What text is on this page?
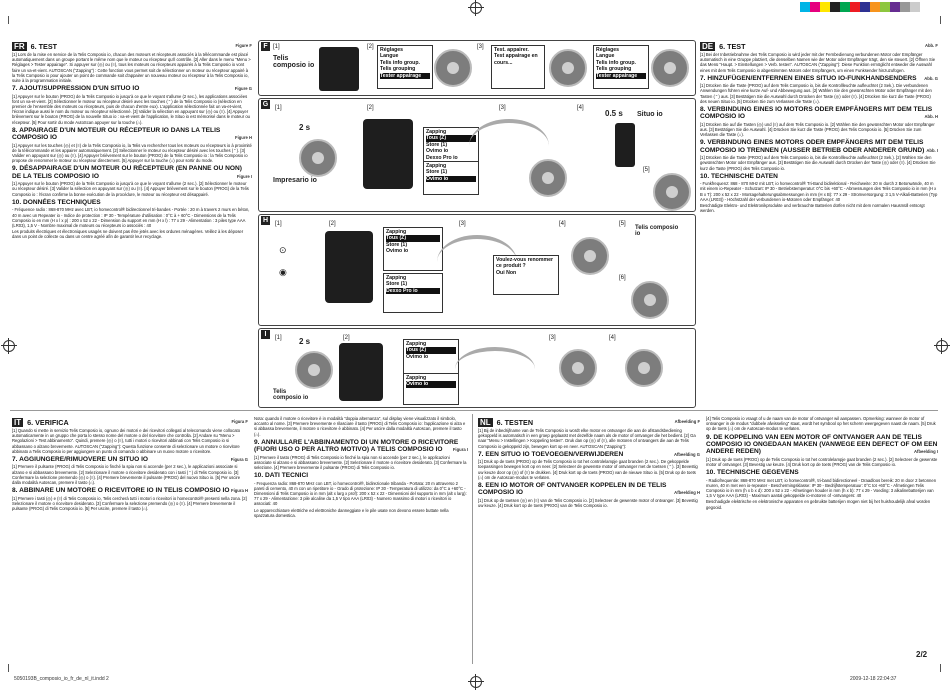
FR 6. TEST	Figure F

[1] Lors de la mise en service de la Telis Composio io, chacun des moteurs et récepteurs associés à la télécommande est placé automatiquement dans un groupe portant le même nom que le moteur ou récepteur qu'il contrôle. [2] Aller dans le menu "Menu > Réglages > Tester appairage". Si appuyer sur (◎) ou (≡), tous les moteurs ou récepteurs appairés à la Telis Composio io vont faire un va-et-vient. AUTOSCAN ("Zapping") : Cette fonction vous permet soit de sélectionner un moteur ou récepteur appairé à la Telis Composio io pour ajouter un point de commande soit d'appairer un nouveau moteur ou récepteur à la Telis Composio io, suite à la programmation initiale.

7. AJOUT/SUPPRESSION D'UN SITUO IO	Figure G

[1] Appuyer sur le bouton (PROG) de la Telis Composio io jusqu'à ce que le voyant s'allume (2 sec.), les applications associées font un va-et-vient. [2] Sélectionner le moteur ou récepteur désiré avec les touches (⌃) de la Telis Composio io (sélection en premier de l'ensemble des moteurs ou récepteurs, puis de chacun d'entre eux). L'application sélectionnée fait un va-et-vient, l'écran indique aussi le nom du moteur ou récepteur sélectionné. [3] Valider la sélection en appuyant sur (◎) ou (≡). [4] Appuyer brièvement sur le bouton (PROG) de la nouvelle Situo io : va-et-vient de l'application, le Situo io est mémorisé dans le moteur ou récepteur. [5] Pour sortir du mode AutoScan appuyer sur la touche (⌂).

8. APPAIRAGE D'UN MOTEUR OU RÉCEPTEUR IO DANS LA TELIS COMPOSIO IO	Figure H

[1] Appuyer sur les touches (◎) et (≡) de la Telis Composio io, la Telis va rechercher tous les moteurs ou récepteurs io à proximité de la télécommande et les appairer automatiquement. [2] Sélectionner le moteur ou récepteur désiré avec les touches (⌃). [3] Valider en appuyant sur (◎) ou (≡). [4] Appuyer brièvement sur le bouton (PROG) de la Telis Composio io : la Telis Composio io propose de renommer le moteur ou récepteur directement. [5] Appuyer sur la touche (⌂) pour sortir du mode.

9. DÉSAPPAIRAGE D'UN MOTEUR OU RÉCEPTEUR (EN PANNE OU NON) DE LA TELIS COMPOSIO IO	Figure I

[1] Appuyer sur le bouton (PROG) de la Telis Composio io jusqu'à ce que le voyant s'allume (2 sec.). [2] Sélectionner le moteur ou récepteur désiré. [3] Valider la sélection en appuyant sur (◎) ou (≡). [4] Appuyer brièvement sur le bouton (PROG) de la Telis Composio io : l'écran confirme la bonne exécution de la procédure, le moteur ou récepteur est désappairé.

10. DONNÉES TECHNIQUES

- Fréquence radio : 868-870 MHz avec LBT, io homecontrol® bidirectionnel tri-bandes - Portée : 20 m à travers 2 murs en béton, 40 m avec un Repeater io - Indice de protection : IP 30 - Température d'utilisation : 0°C à + 60°C - Dimensions de la Telis Composio io en mm (H x l x p) : 200 x 52 x 22 - Dimension du support en mm (H x l) : 77 x 29 - Alimentation : 3 piles type AAA (LR03), 1,5 V - Nombre maximal de moteurs ou récepteurs io associés : 40

Les produits électriques et électroniques usagés ne doivent pas être jetés avec les ordures ménagères. Veillez à les déposer dans un point de collecte ou dans un centre agréé afin de garantir leur recyclage.

F [1]
Telis composio io
[2]	Réglages
Langue
Telis info group.
Telis grouping

Tester appairage
[3]	Test. appairer.
Test appairage en cours...
Réglages
Langue
Telis info group.
Telis grouping

Tester appairage
G [1]
2 s
Impresario io
[2]
Zapping

Tous (Z)
Store (1)
Ovimo io
Dexxo Pro io
[3]
Zapping
Store (1)

Ovimo io
[4]
0.5 s Situo io
[5]
H	[1]
⊙
◉
[2]
Zapping

Tous (Z)
Store (1)
Ovimo io
Zapping
Store (1)

Dexxo Pro io
[3]
Voulez-vous renommer ce produit ?
Oui Non
[4]	[5]
Telis composio io
[6]
I	[1] 2 s
Telis composio io
[2]
Zapping

Tous (Z)
Ovimo io
Zapping

Ovimo io
[3]	[4]
DE 6. TEST	Abb. F

[1] Bei der Inbetriebnahme des Telis Composio io wird jeder mit der Fernbedienung verbundenen Motor oder Empfänger automatisch in eine Gruppe platziert, die denselben Namen wie der Motor oder Empfänger trägt, den sie steuert. [2] Öffnen Sie das Menü "Haupt. > Einstellungen > Verb. testen". AUTOSCAN ("Zapping"): Diese Funktion ermöglicht entweder die Auswahl eines mit dem Telis Composio io abgestimmten Motors oder Empfängers, um einen Funksender hinzuzufügen.

7. HINZUFÜGEN/ENTFERNEN EINES SITUO IO-FUNKHANDSENDERS Abb. G

[1] Drücken Sie die Taste (PROG) auf dem Telis Composio io, bis die Kontrollleuchte aufleuchtet (2 Sek.). Die verbundenen Anwendungen führen eine kurze Auf- und Abbewegung aus. [2] Wählen Sie den gewünschten Motor oder Empfänger mit den Tasten (⌃) aus. [3] Bestätigen Sie die Auswahl durch Drücken der Taste (◎) oder (≡). [4] Drücken Sie kurz die Taste (PROG) des neuen Situo io. [5] Drücken Sie zum Verlassen die Taste (⌂).

8. VERBINDUNG EINES IO MOTORS ODER EMPFÄNGERS MIT DEM TELIS COMPOSIO IO	Abb. H

[1] Drücken Sie auf die Tasten (◎) und (≡) auf dem Telis Composio io. [2] Wählen Sie den gewünschten Motor oder Empfänger aus. [3] Bestätigen Sie die Auswahl. [4] Drücken Sie kurz die Taste (PROG) des Telis Composio io. [5] Drücken Sie zum Verlassen die Taste (⌂).

9. VERBINDUNG EINES MOTORS ODER EMPFÄNGERS MIT DEM TELIS COMPOSIO IO TRENNEN (AUSSER BETRIEB ODER ANDERER GRUND) Abb. I

[1] Drücken Sie die Taste (PROG) auf dem Telis Composio io, bis die Kontrollleuchte aufleuchtet (2 Sek.). [2] Wählen Sie den gewünschten Motor oder Empfänger aus. [3] Bestätigen Sie die Auswahl durch Drücken der Taste (◎) oder (≡). [4] Drücken Sie kurz die Taste (PROG) des Telis Composio io.

10. TECHNISCHE DATEN

- Funkfrequenz: 868 - 870 MHz mit LBT, io homecontrol® Tri-Band bidirektional - Reichweite: 20 m durch 2 Betonwände, 40 m mit einem io-Repeater - Schutzart: IP 30 - Betriebstemperatur: 0°C bis +60°C - Abmessungen des Telis Composio io in mm (H x B x T): 200 x 52 x 22 - Montagehalterungsabmessungen in mm (H x B): 77 x 29 - Stromversorgung: 3 1,5 V-Alkali-Batterien (Typ AAA (LR03)) - Höchstzahl der verbundenen io-Motoren oder Empfänger: 40

Beschädigte Elektro- und Elektronikprodukte und verbrauchte Batterien dürfen nicht mit dem normalen Hausmüll entsorgt werden.

IT 6. VERIFICA	Figura F

[1] Quando si mette in servizio Telis Composio io, ognuno dei motori e dei ricevitori collegati al telecomando viene collocato automaticamente in un gruppo che porta lo stesso nome del motore o del ricevitore che controlla. [2] Andare su "Menu > Regolazioni > Test abbinamento". Quindi, premere (◎) o (≡), tutti i motori o ricevitori abbinati con Telis Composio io si abbassano o alzano brevemente. AUTOSCAN ("Zapping"): Questa funzione consente di selezionare un motore o ricevitore abbinato a Telis Composio io per aggiungere un punto di comando o abbinare un nuovo motore o ricevitore.

7. AGGIUNGERE/RIMUOVERE UN SITUO IO	Figura G

[1] Premere il pulsante (PROG) di Telis Composio io finché la spia non si accende (per 2 sec.), le applicazioni associate si alzano e si abbassano brevemente. [2] Selezionare il motore o ricevitore desiderato con i tasti (⌃) di Telis Composio io. [3] Confermare la selezione premendo (◎) o (≡). [4] Premere brevemente il pulsante (PROG) del nuovo Situo io. [5] Per uscire dalla modalità Autoscan, premere il tasto (⌂).

8. ABBINARE UN MOTORE O RICEVITORE IO IN TELIS COMPOSIO IO Figura H

[1] Premere i tasti (◎) e (≡) di Telis Composio io, Telis cercherà tutti i motori o ricevitori io homecontrol® presenti nella zona. [2] Selezionare il motore o ricevitore desiderato. [3] Confermare la selezione premendo (◎) o (≡). [4] Premere brevemente il pulsante (PROG) di Telis Composio io. [5] Per uscire, premere il tasto (⌂).

Nota: quando il motore o ricevitore è in modalità "doppia alternanza", sul display viene visualizzato il simbolo, accanto al nome. [3] Premere brevemente e rilasciare il tasto (PROG) di Telis Composio io: l'applicazione si alza e si abbassa brevemente, il motore o ricevitore è abbinato. [4] Per uscire dalla modalità Autoscan, premere il tasto (⌂).

9. ANNULLARE L'ABBINAMENTO DI UN MOTORE O RICEVITORE (FUORI USO O PER ALTRO MOTIVO) A TELIS COMPOSIO IO Figura I

[1] Premere il tasto (PROG) di Telis Composio io finché la spia non si accende (per 2 sec.), le applicazioni associate si alzano e si abbassano brevemente. [2] Selezionare il motore o ricevitore desiderato. [3] Confermare la selezione. [4] Premere brevemente il pulsante (PROG) di Telis Composio io.

10. DATI TECNICI

- Frequenza radio: 868-870 MHz con LBT, io homecontrol®, bidirezionale tribanda - Portata: 20 m attraverso 2 pareti di cemento, 40 m con un ripetitore io - Grado di protezione: IP 30 - Temperatura di utilizzo: da 0°C a +60°C - Dimensioni di Telis Composio io in mm (alt x larg x prof): 200 x 52 x 22 - Dimensioni del supporto in mm (alt x larg): 77 x 29 - Alimentazione: 3 pile alcaline da 1,5 V tipo AAA (LR03) - Numero massimo di motori o ricevitori io associati: 40

Le apparecchiature elettriche ed elettroniche danneggiate e le pile usate non devono essere buttate nella spazzatura domestica.

NL 6. TESTEN	Afbeelding F

[1] Bij de inbedrijfname van de Telis Composio io wordt elke motor en ontvanger die aan de afstandsbediening gekoppeld is automatisch in een groep geplaatst met dezelfde naam als de motor of ontvanger die het bedient. [2] Ga naar "Menu > Instellingen > Koppeling testen". Druk dan op (◎) of (≡), alle motoren of ontvangers die aan de Telis Composio io gekoppeld zijn, bewegen kort op en neer. AUTOSCAN ("Zapping"):

7. EEN SITUO IO TOEVOEGEN/VERWIJDEREN	Afbeelding G

[1] Druk op de toets (PROG) op de Telis Composio io tot het controlelampje gaat branden (2 sec.). De gekoppelde toepassingen bewegen kort op en neer. [2] Selecteer de gewenste motor of ontvanger met de toetsen (⌃). [3] Bevestig uw keuze door op (◎) of (≡) te drukken. [4] Druk kort op de toets (PROG) van de nieuwe Situo io. [5] Druk op de toets (⌂) om de Autoscan-modus te verlaten.

8. EEN IO MOTOR OF ONTVANGER KOPPELEN IN DE TELIS COMPOSIO IO	Afbeelding H

[1] Druk op de toetsen (◎) en (≡) van de Telis Composio io. [2] Selecteer de gewenste motor of ontvanger. [3] Bevestig uw keuze. [4] Druk kort op de toets (PROG) van de Telis Composio io.

[4] Telis Composio io vraagt of u de naam van de motor of ontvanger wil aanpassen. Opmerking: wanneer de motor of ontvanger in de modus "dubbele afwisseling" staat, wordt het symbool op het scherm weergegeven naast de naam. [5] Druk op de toets (⌂) om de Autoscan-modus te verlaten.

9. DE KOPPELING VAN EEN MOTOR OF ONTVANGER AAN DE TELIS COMPOSIO IO ONGEDAAN MAKEN (VANWEGE EEN DEFECT OF OM EEN ANDERE REDEN)	Afbeelding I

[1] Druk op de toets (PROG) op de Telis Composio io tot het controlelampje gaat branden (2 sec.). [2] Selecteer de gewenste motor of ontvanger. [3] Bevestig uw keuze. [4] Druk kort op de toets (PROG) van de Telis Composio io.

10. TECHNISCHE GEGEVENS

- Radiofrequentie: 868-870 MHz met LBT, io homecontrol®, tri-band bidirectioneel - Draadloos bereik: 20 m door 2 betonnen muren, 40 m met een io-repeater - Beschermingsklasse: IP 30 - Bedrijfstemperatuur: 0°C tot +60°C - Afmetingen Telis Composio io in mm (h x b x d): 200 x 52 x 22 - Afmetingen houder in mm (h x b): 77 x 29 - Voeding: 3 alkalinebatterijen van 1,5 V type AAA (LR03) - Maximum aantal gekoppelde io-motoren of -ontvangers: 40

Beschadigde elektrische en elektronische apparaten en gebruikte batterijen mogen niet bij het huishoudelijk afval worden gegooid.

2/2
5050193B_composio_io_fr_de_nl_it.indd 2	2009-12-18 22:04:37
